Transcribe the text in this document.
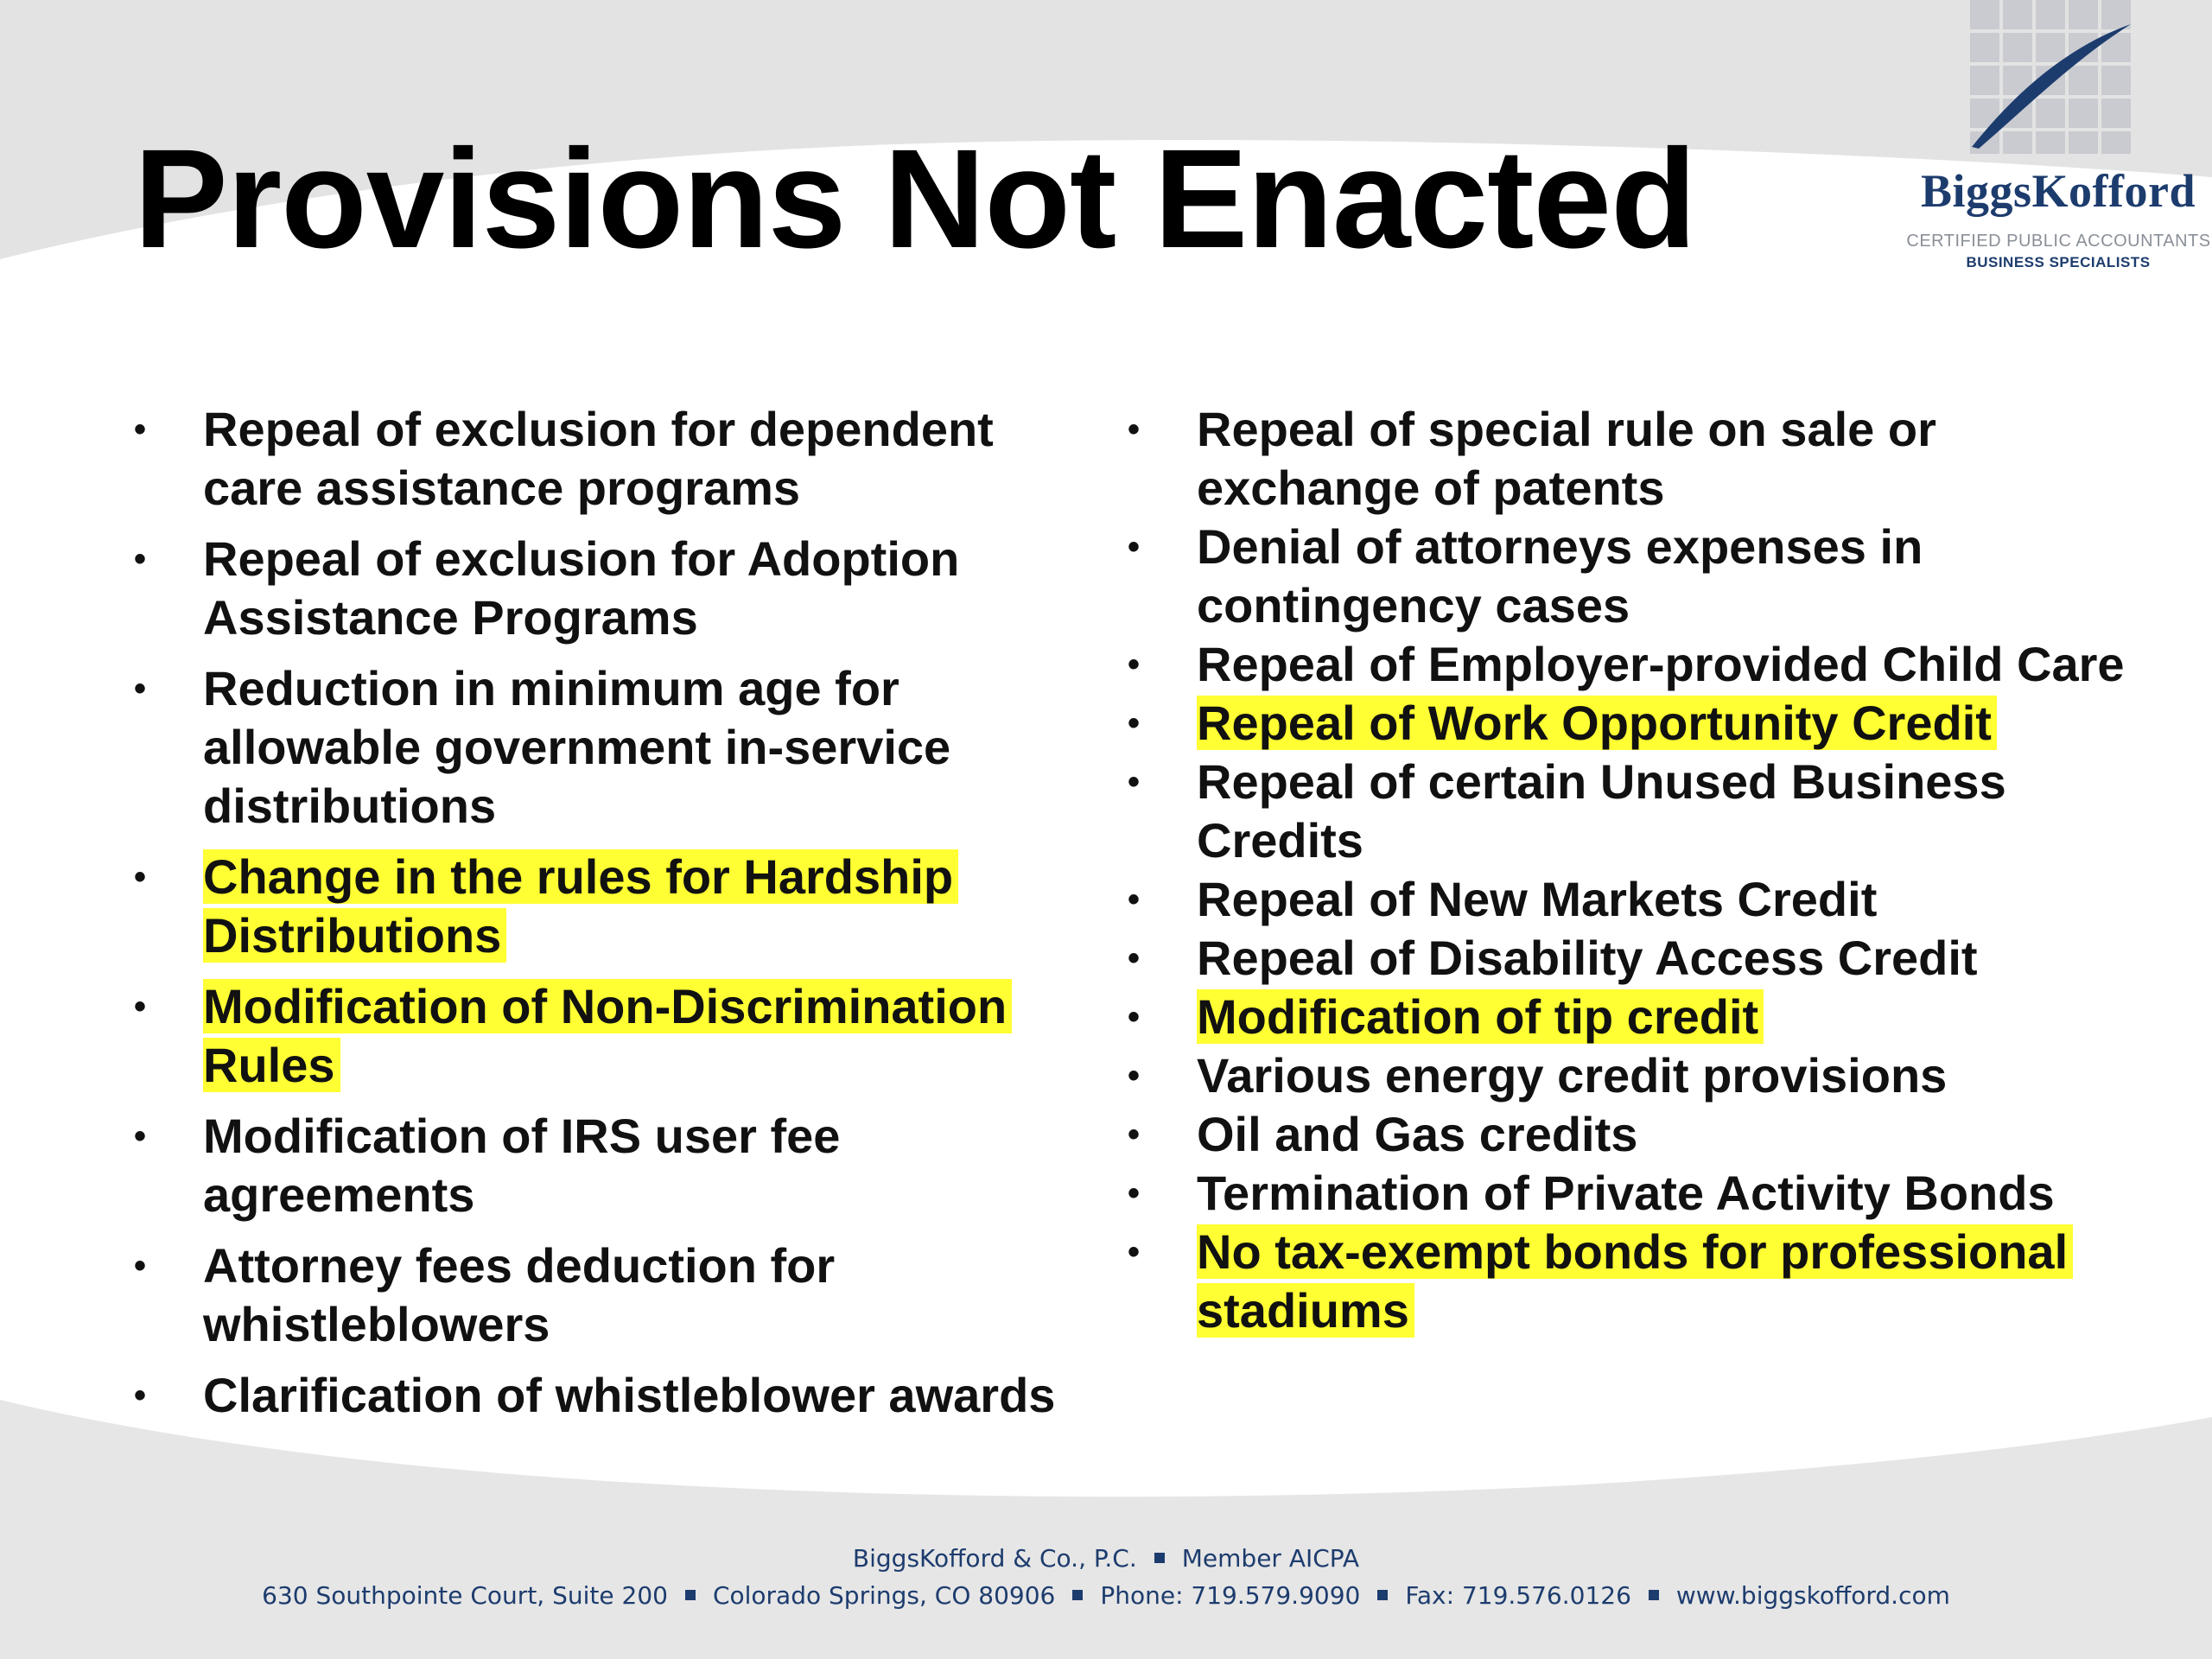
Provisions Not Enacted	BiggsKofford
CERTIFIED PUBLIC ACCOUNTANTS
BUSINESS SPECIALISTS
• Repeal of exclusion for dependent care assistance programs
• Repeal of exclusion for Adoption Assistance Programs
• Reduction in minimum age for allowable government in-service distributions
• Change in the rules for Hardship Distributions
• Modification of Non-Discrimination Rules
• Modification of IRS user fee agreements
• Attorney fees deduction for whistleblowers
• Clarification of whistleblower awards
• Repeal of special rule on sale or exchange of patents
• Denial of attorneys expenses in contingency cases
• Repeal of Employer-provided Child Care
• Repeal of Work Opportunity Credit
• Repeal of certain Unused Business Credits
• Repeal of New Markets Credit
• Repeal of Disability Access Credit
• Modification of tip credit
• Various energy credit provisions
• Oil and Gas credits
• Termination of Private Activity Bonds
• No tax-exempt bonds for professional stadiums
BiggsKofford & Co., P.C. Member AICPA
630 Southpointe Court, Suite 200 Colorado Springs, CO 80906 Phone: 719.579.9090 Fax: 719.576.0126 www.biggskofford.com
